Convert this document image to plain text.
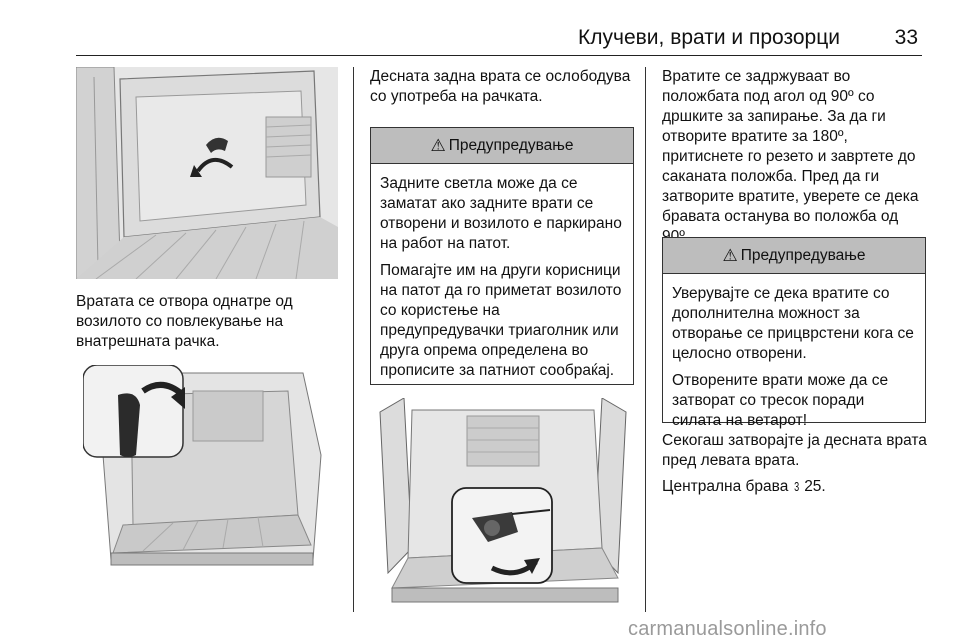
Клучеви, врати и прозорци	33
Вратата се отвора однатре од возилото со повлекување на внатрешната рачка.
Десната задна врата се ослободува со употреба на рачката.
⚠ Предупредување
Задните светла може да се заматат ако задните врати се отворени и возилото е паркирано на работ на патот.
Помагајте им на други корисници на патот да го приметат возилото со користење на предупредувачки триаголник или друга опрема определена во прописите за патниот сообраќај.
Вратите се задржуваат во положбата под агол од 90º со дршките за запирање. За да ги отворите вратите за 180º, притиснете го резето и завртете до саканата положба. Пред да ги затворите вратите, уверете се дека бравата останува во положба од
⚠ Предупредување
Уверувајте се дека вратите со дополнителна можност за отворање се прицврстени кога се целосно отворени.
Отворените врати може да се затворат со тресок поради силата на ветарот!
Секогаш затворајте ја десната врата пред левата врата.
Централна брава 3 25.
carmanualsonline.info
